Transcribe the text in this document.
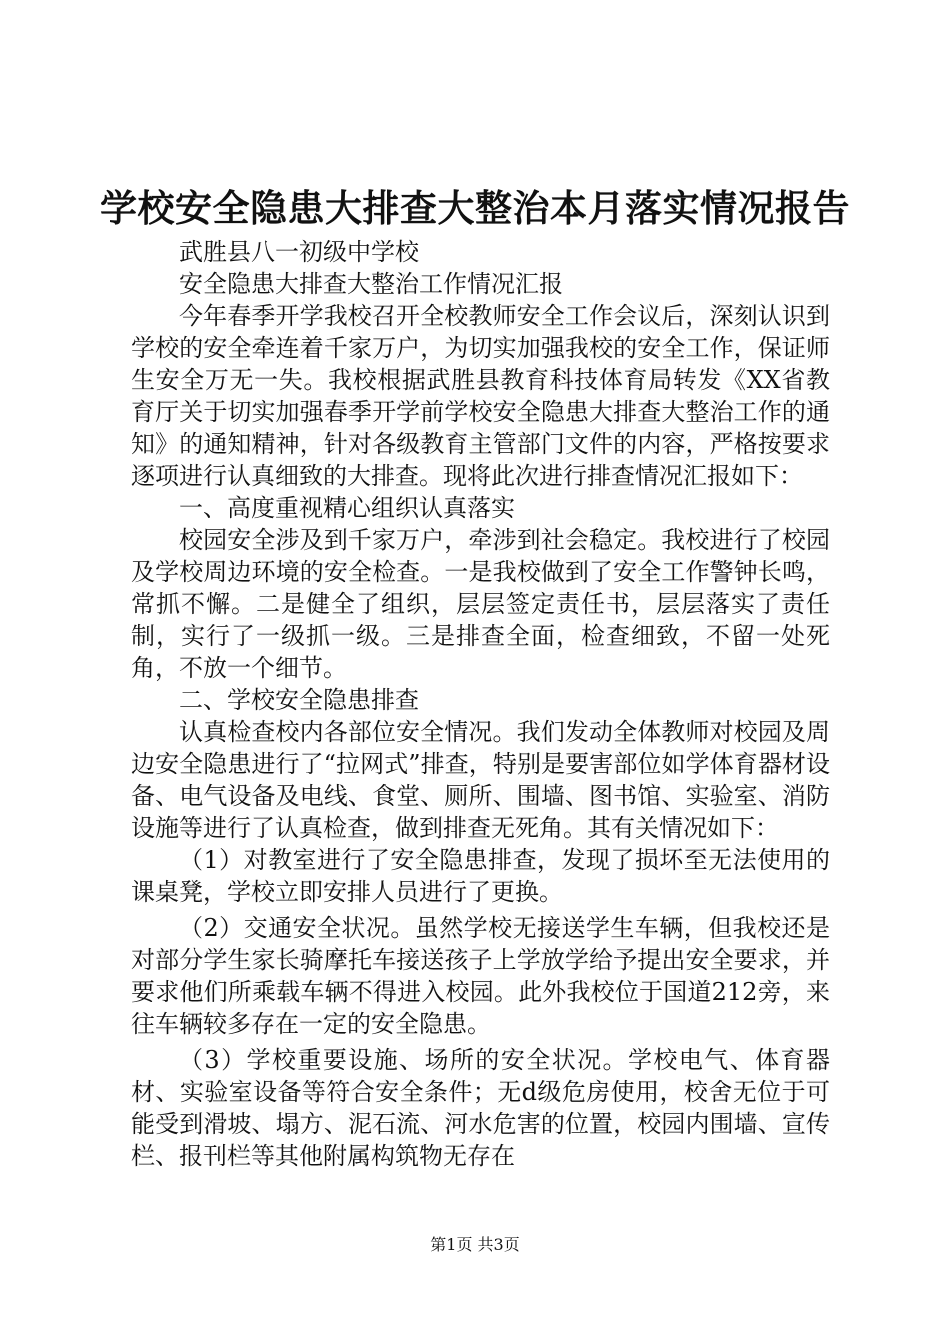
学校安全隐患大排查大整治本月落实情况报告

武胜县八一初级中学校

安全隐患大排查大整治工作情况汇报

今年春季开学我校召开全校教师安全工作会议后，深刻认识到学校的安全牵连着千家万户，为切实加强我校的安全工作，保证师生安全万无一失。我校根据武胜县教育科技体育局转发《XX省教育厅关于切实加强春季开学前学校安全隐患大排查大整治工作的通知》的通知精神，针对各级教育主管部门文件的内容，严格按要求逐项进行认真细致的大排查。现将此次进行排查情况汇报如下：

一、高度重视精心组织认真落实

校园安全涉及到千家万户，牵涉到社会稳定。我校进行了校园及学校周边环境的安全检查。一是我校做到了安全工作警钟长鸣，常抓不懈。二是健全了组织，层层签定责任书，层层落实了责任制，实行了一级抓一级。三是排查全面，检查细致，不留一处死角，不放一个细节。

二、学校安全隐患排查

认真检查校内各部位安全情况。我们发动全体教师对校园及周边安全隐患进行了“拉网式”排查，特别是要害部位如学体育器材设备、电气设备及电线、食堂、厕所、围墙、图书馆、实验室、消防设施等进行了认真检查，做到排查无死角。其有关情况如下：

（1）对教室进行了安全隐患排查，发现了损坏至无法使用的课桌凳，学校立即安排人员进行了更换。

（2）交通安全状况。虽然学校无接送学生车辆，但我校还是对部分学生家长骑摩托车接送孩子上学放学给予提出安全要求，并要求他们所乘载车辆不得进入校园。此外我校位于国道212旁，来往车辆较多存在一定的安全隐患。

（3）学校重要设施、场所的安全状况。学校电气、体育器材、实验室设备等符合安全条件；无d级危房使用，校舍无位于可能受到滑坡、塌方、泥石流、河水危害的位置，校园内围墙、宣传栏、报刊栏等其他附属构筑物无存在

第1页 共3页
